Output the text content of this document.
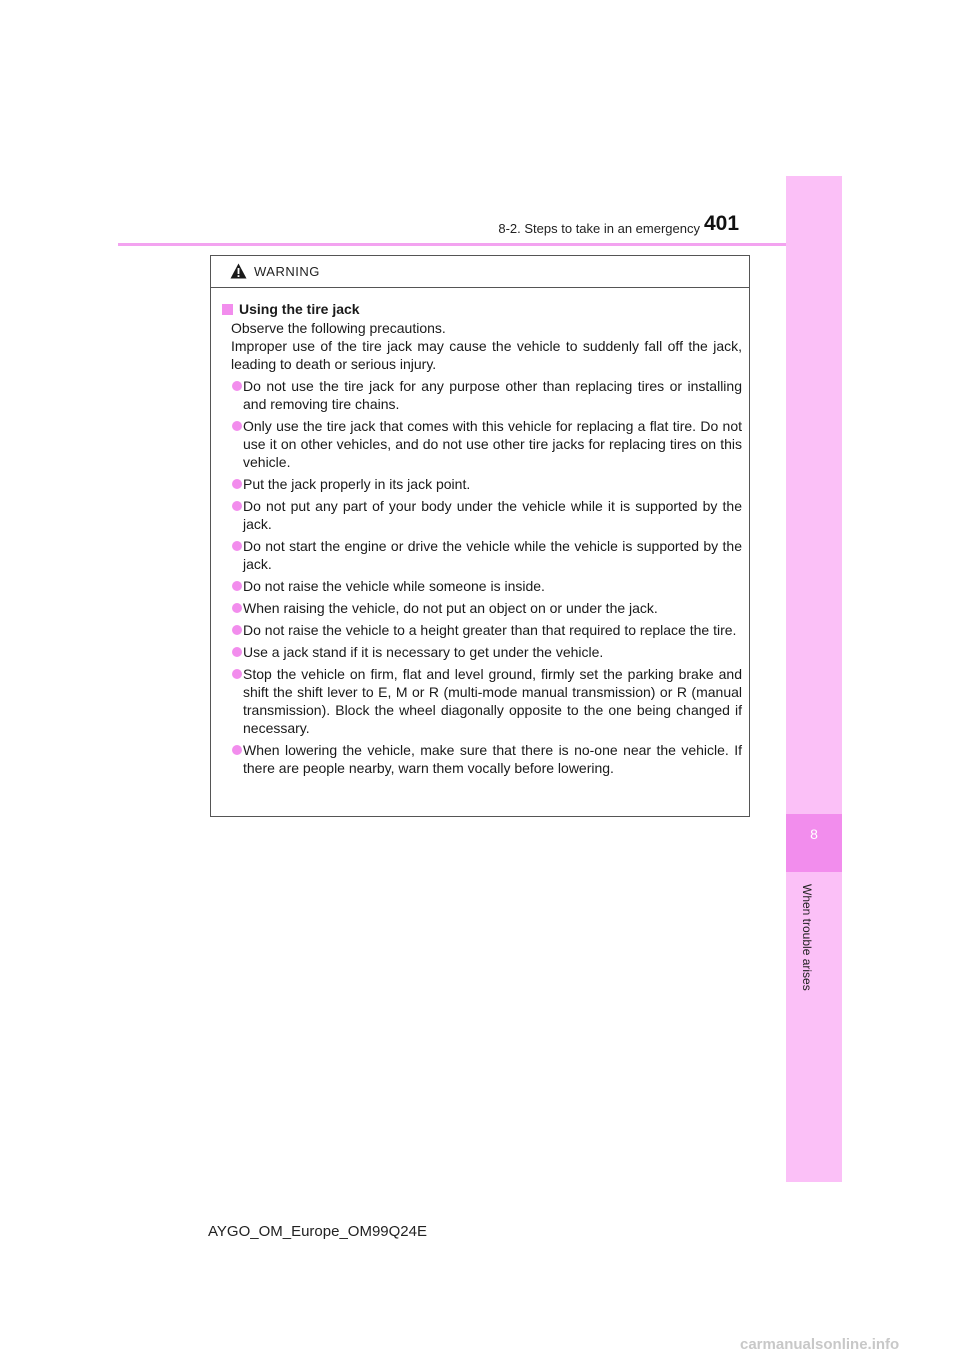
8-2. Steps to take in an emergency 401
8
When trouble arises
WARNING
Using the tire jack
Observe the following precautions.
Improper use of the tire jack may cause the vehicle to suddenly fall off the jack, leading to death or serious injury.
Do not use the tire jack for any purpose other than replacing tires or installing and removing tire chains.
Only use the tire jack that comes with this vehicle for replacing a flat tire. Do not use it on other vehicles, and do not use other tire jacks for replacing tires on this vehicle.
Put the jack properly in its jack point.
Do not put any part of your body under the vehicle while it is supported by the jack.
Do not start the engine or drive the vehicle while the vehicle is supported by the jack.
Do not raise the vehicle while someone is inside.
When raising the vehicle, do not put an object on or under the jack.
Do not raise the vehicle to a height greater than that required to replace the tire.
Use a jack stand if it is necessary to get under the vehicle.
Stop the vehicle on firm, flat and level ground, firmly set the parking brake and shift the shift lever to E, M or R (multi-mode manual transmission) or R (manual transmission). Block the wheel diagonally opposite to the one being changed if necessary.
When lowering the vehicle, make sure that there is no-one near the vehicle. If there are people nearby, warn them vocally before lowering.
AYGO_OM_Europe_OM99Q24E
carmanualsonline.info
